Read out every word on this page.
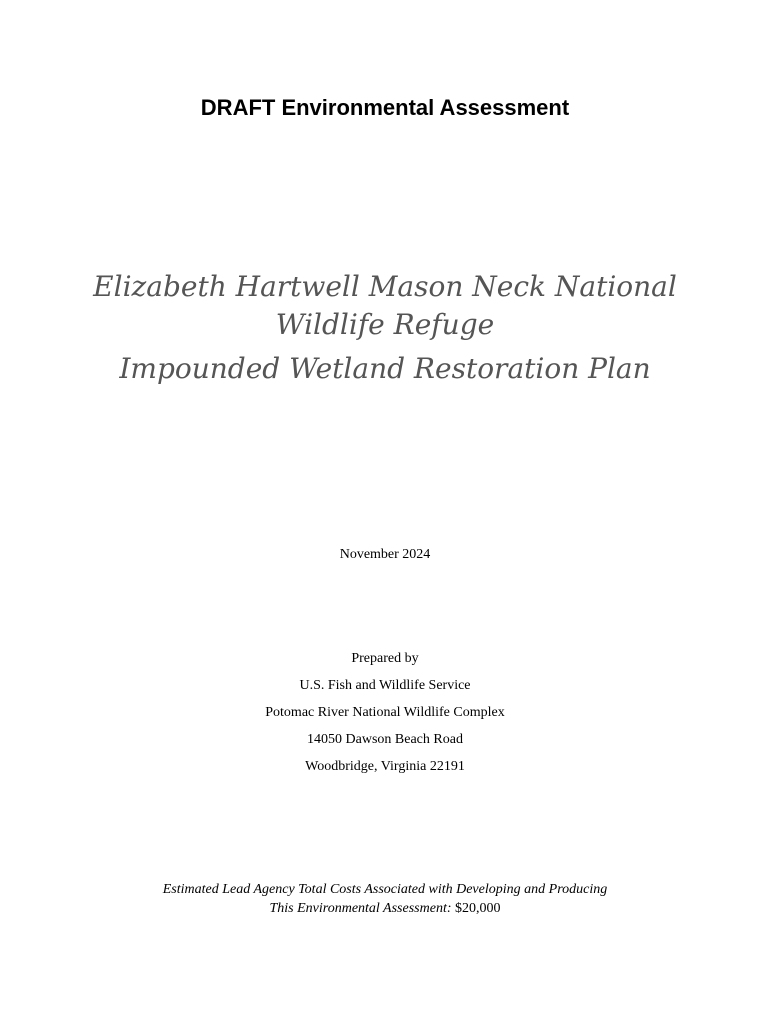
DRAFT Environmental Assessment
Elizabeth Hartwell Mason Neck National
Wildlife Refuge
Impounded Wetland Restoration Plan
November 2024
Prepared by
U.S. Fish and Wildlife Service
Potomac River National Wildlife Complex
14050 Dawson Beach Road
Woodbridge, Virginia 22191
Estimated Lead Agency Total Costs Associated with Developing and Producing
This Environmental Assessment: $20,000
